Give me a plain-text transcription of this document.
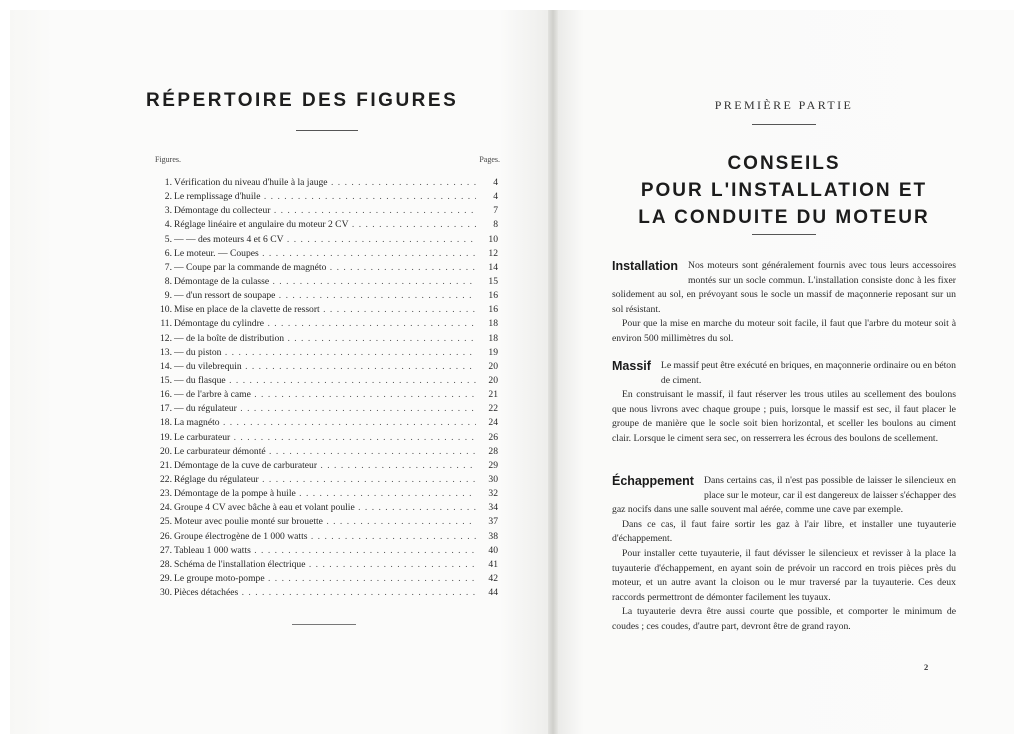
RÉPERTOIRE DES FIGURES
Figures.	Pages.
1. Vérification du niveau d'huile à la jauge . . .	4
2. Le remplissage d'huile . . .	4
3. Démontage du collecteur . . .	7
4. Réglage linéaire et angulaire du moteur 2 CV . . .	8
5. — — des moteurs 4 et 6 CV . . .	10
6. Le moteur. — Coupes . . .	12
7. — Coupe par la commande de magnéto . . .	14
8. Démontage de la culasse . . .	15
9. — d'un ressort de soupape . . .	16
10. Mise en place de la clavette de ressort . . .	16
11. Démontage du cylindre . . .	18
12. — de la boîte de distribution . . .	18
13. — du piston . . .	19
14. — du vilebrequin . . .	20
15. — du flasque . . .	20
16. — de l'arbre à came . . .	21
17. — du régulateur . . .	22
18. La magnéto . . .	24
19. Le carburateur . . .	26
20. Le carburateur démonté . . .	28
21. Démontage de la cuve de carburateur . . .	29
22. Réglage du régulateur . . .	30
23. Démontage de la pompe à huile . . .	32
24. Groupe 4 CV avec bâche à eau et volant poulie . . .	34
25. Moteur avec poulie monté sur brouette . . .	37
26. Groupe électrogène de 1 000 watts . . .	38
27. Tableau 1 000 watts . . .	40
28. Schéma de l'installation électrique . . .	41
29. Le groupe moto-pompe . . .	42
30. Pièces détachées . . .	44
PREMIÈRE PARTIE
CONSEILS
POUR L'INSTALLATION ET
LA CONDUITE DU MOTEUR
Installation	Nos moteurs sont généralement fournis avec tous leurs accessoires montés sur un socle commun. L'installation consiste donc à les fixer solidement au sol, en prévoyant sous le socle un massif de maçonnerie reposant sur un sol résistant.

Pour que la mise en marche du moteur soit facile, il faut que l'arbre du moteur soit à environ 500 millimètres du sol.

Massif	Le massif peut être exécuté en briques, en maçonnerie ordinaire ou en béton de ciment.

En construisant le massif, il faut réserver les trous utiles au scellement des boulons que nous livrons avec chaque groupe ; puis, lorsque le massif est sec, il faut placer le groupe de manière que le socle soit bien horizontal, et sceller les boulons au ciment clair. Lorsque le ciment sera sec, on resserrera les écrous des boulons de scellement.

Échappement	Dans certains cas, il n'est pas possible de laisser le silencieux en place sur le moteur, car il est dangereux de laisser s'échapper des gaz nocifs dans une salle souvent mal aérée, comme une cave par exemple.

Dans ce cas, il faut faire sortir les gaz à l'air libre, et installer une tuyauterie d'échappement.

Pour installer cette tuyauterie, il faut dévisser le silencieux et revisser à la place la tuyauterie d'échappement, en ayant soin de prévoir un raccord en trois pièces près du moteur, et un autre avant la cloison ou le mur traversé par la tuyauterie. Ces deux raccords permettront de démonter facilement les tuyaux.

La tuyauterie devra être aussi courte que possible, et comporter le minimum de coudes ; ces coudes, d'autre part, devront être de grand rayon.

2
